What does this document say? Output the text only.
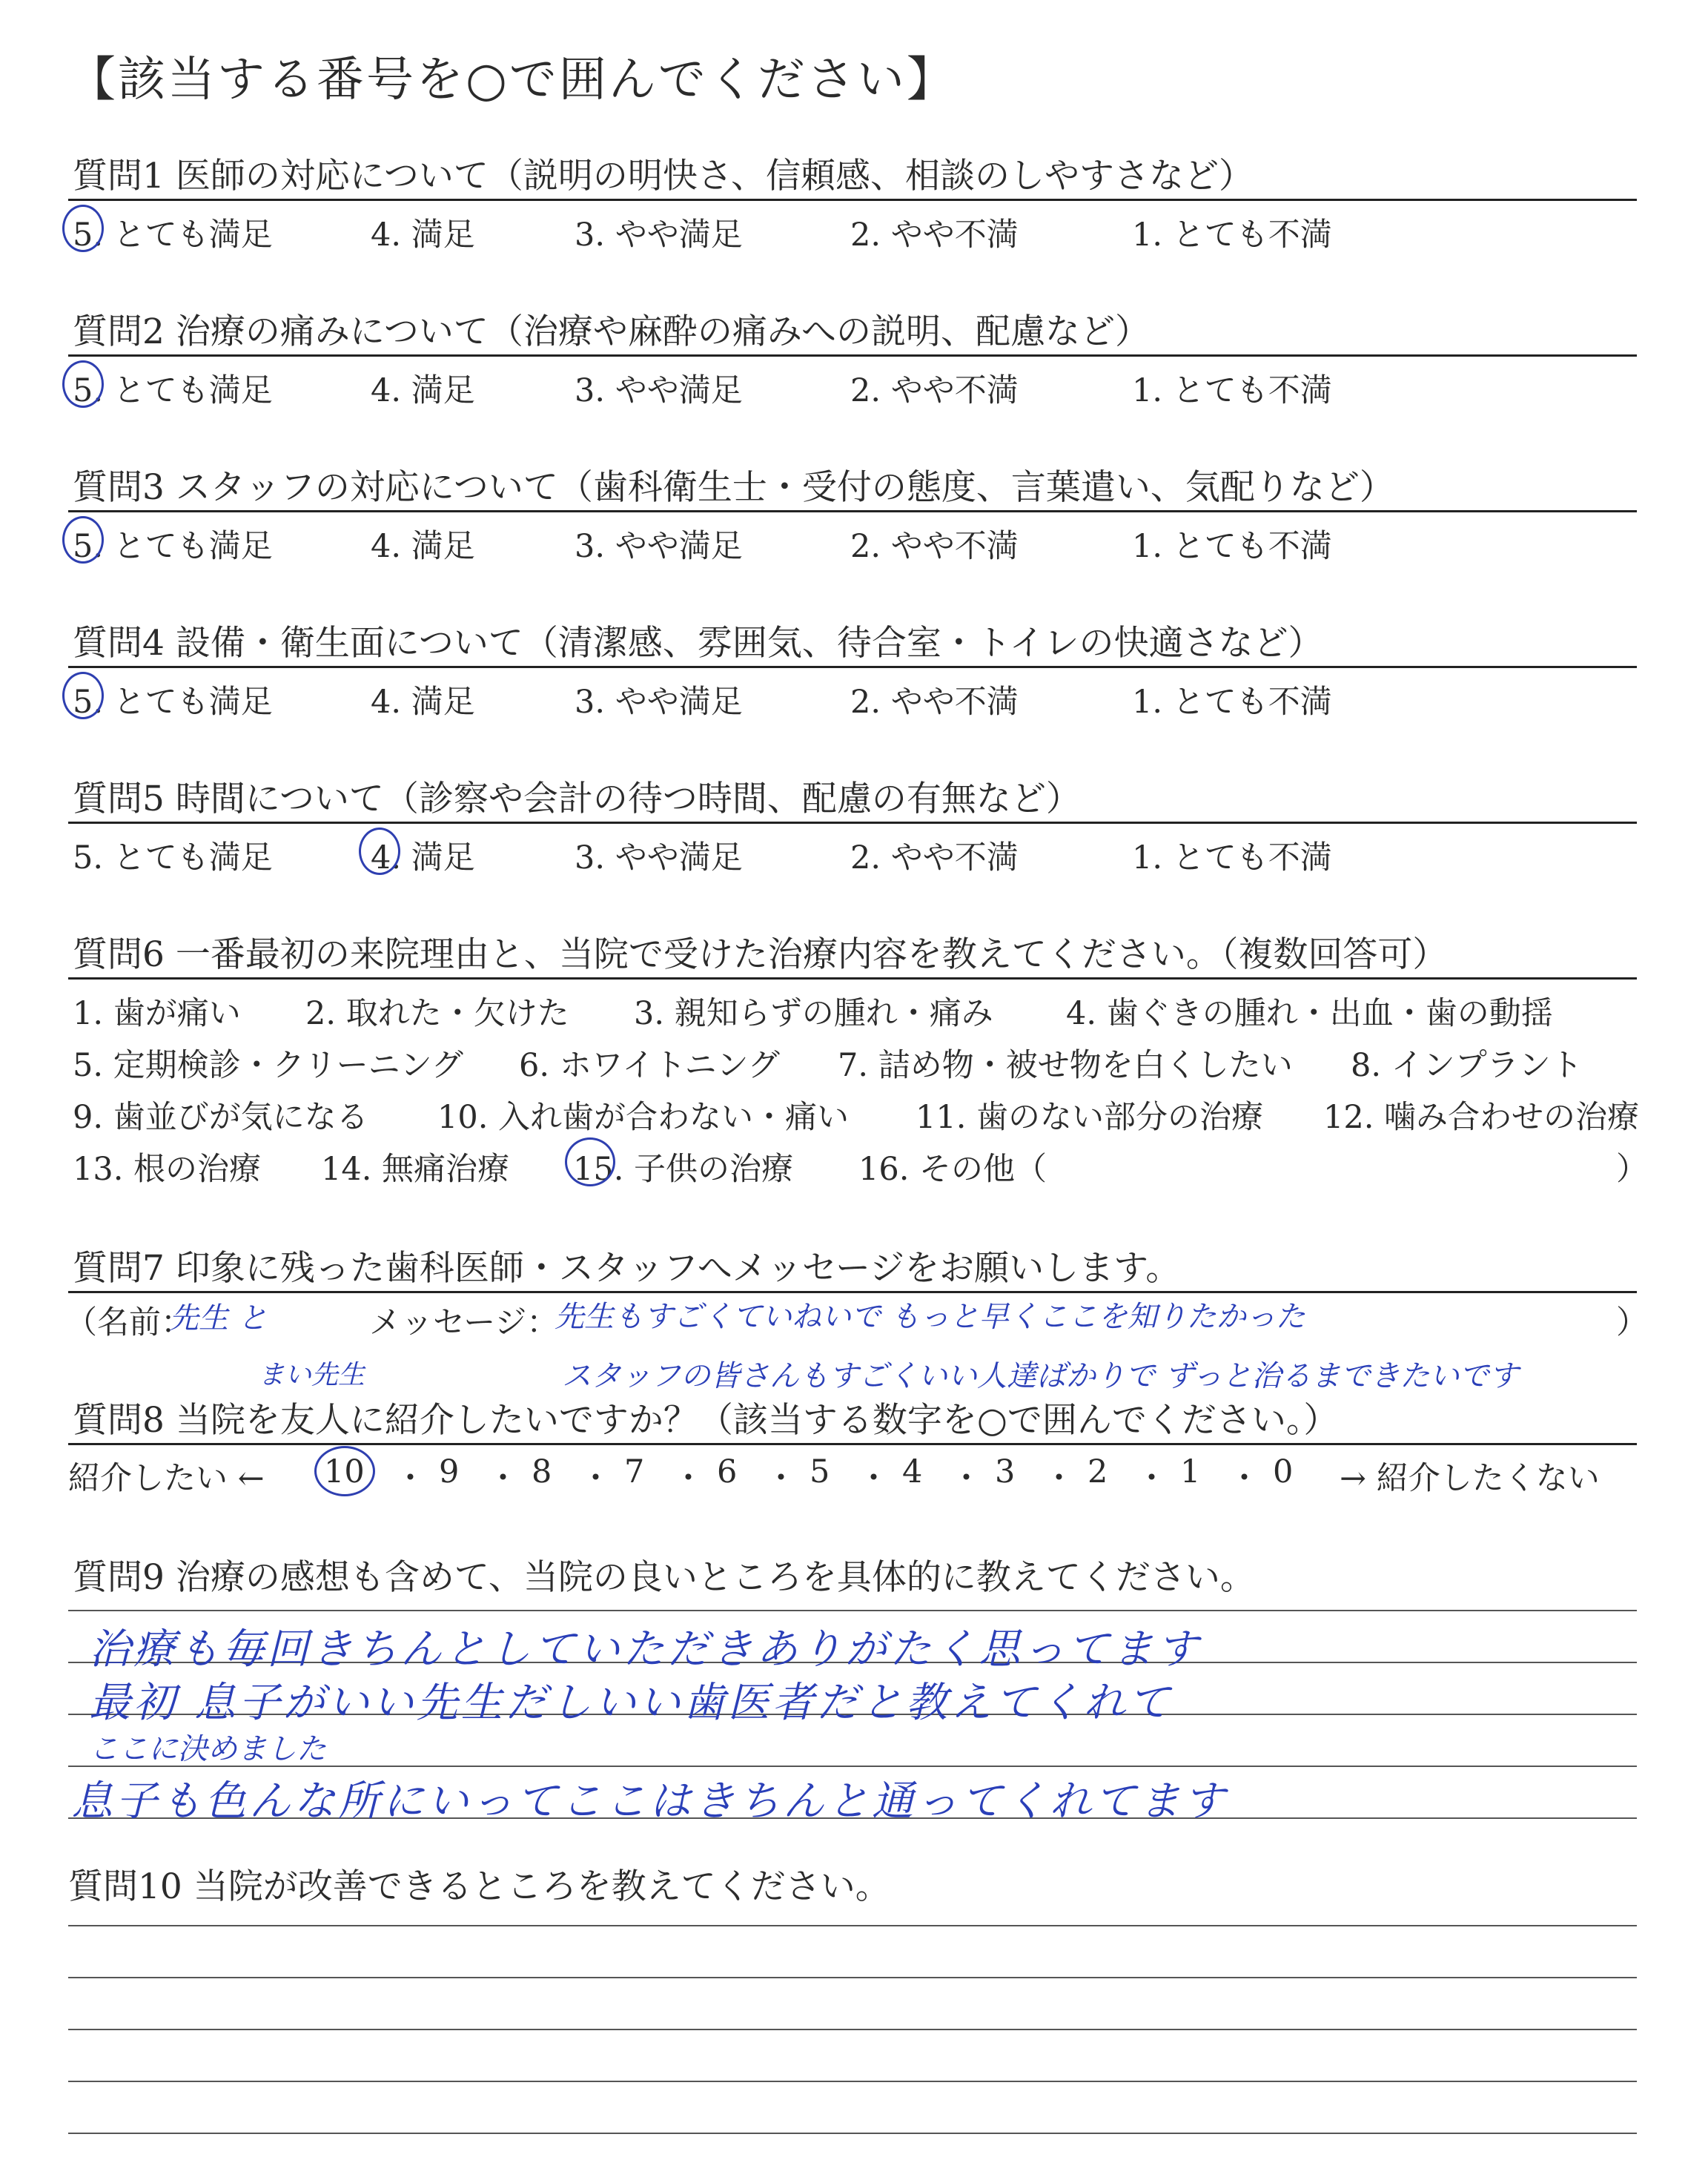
【該当する番号を○で囲んでください】
質問1 医師の対応について（説明の明快さ、信頼感、相談のしやすさなど）
5. とても満足	4. 満足	3. やや満足	2. やや不満	1. とても不満
質問2 治療の痛みについて（治療や麻酔の痛みへの説明、配慮など）
5. とても満足	4. 満足	3. やや満足	2. やや不満	1. とても不満
質問3 スタッフの対応について（歯科衛生士・受付の態度、言葉遣い、気配りなど）
5. とても満足	4. 満足	3. やや満足	2. やや不満	1. とても不満
質問4 設備・衛生面について（清潔感、雰囲気、待合室・トイレの快適さなど）
5. とても満足	4. 満足	3. やや満足	2. やや不満	1. とても不満
質問5 時間について（診察や会計の待つ時間、配慮の有無など）
5. とても満足	4. 満足	3. やや満足	2. やや不満	1. とても不満
質問6 一番最初の来院理由と、当院で受けた治療内容を教えてください。（複数回答可）
1. 歯が痛い 2. 取れた・欠けた 3. 親知らずの腫れ・痛み 4. 歯ぐきの腫れ・出血・歯の動揺
5. 定期検診・クリーニング 6. ホワイトニング 7. 詰め物・被せ物を白くしたい 8. インプラント
9. 歯並びが気になる 10. 入れ歯が合わない・痛い 11. 歯のない部分の治療 12. 噛み合わせの治療
13. 根の治療 14. 無痛治療 15. 子供の治療 16. その他（	）
質問7 印象に残った歯科医師・スタッフへメッセージをお願いします。
（名前：	メッセージ：	）
先生 と
まい先生
先生もすごくていねいで もっと早くここを知りたかった
スタッフの皆さんもすごくいい人達ばかりで ずっと治るまできたいです
質問8 当院を友人に紹介したいですか？（該当する数字を○で囲んでください。）
紹介したい ← 10 ・ 9 ・ 8 ・ 7 ・ 6 ・ 5 ・ 4 ・ 3 ・ 2 ・ 1 ・ 0 → 紹介したくない
質問9 治療の感想も含めて、当院の良いところを具体的に教えてください。
治療も毎回きちんとしていただきありがたく思ってます
最初 息子がいい先生だしいい歯医者だと教えてくれて
ここに決めました
息子も色んな所にいってここはきちんと通ってくれてます
質問10 当院が改善できるところを教えてください。
